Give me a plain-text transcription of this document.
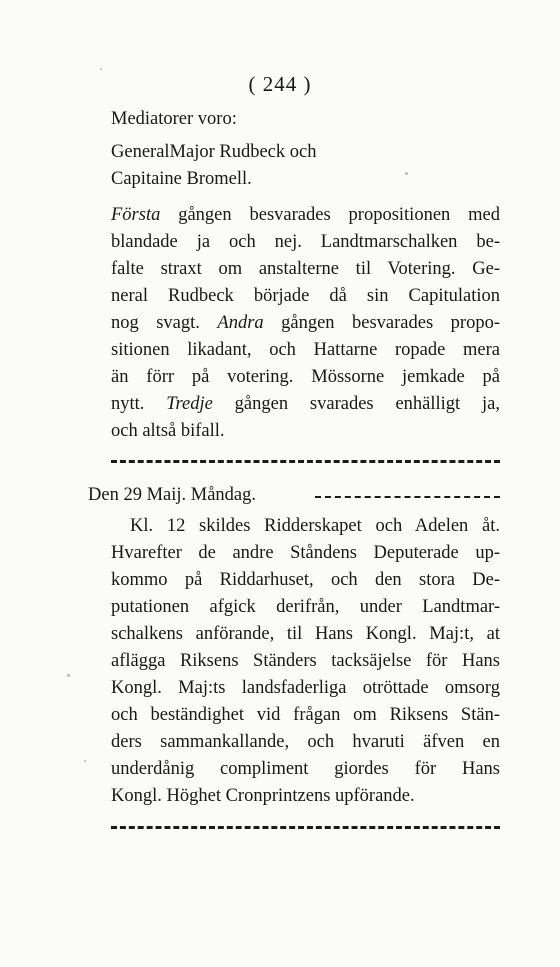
( 244 )
Mediatorer voro:
GeneralMajor Rudbeck och
Capitaine Bromell.
Första gången besvarades propositionen med
blandade ja och nej. Landtmarschalken be-
falte straxt om anstalterne til Votering. Ge-
neral Rudbeck började då sin Capitulation
nog svagt. Andra gången besvarades propo-
sitionen likadant, och Hattarne ropade mera
än förr på votering. Mössorne jemkade på
nytt. Tredje gången svarades enhälligt ja,
och altså bifall.
Den 29 Maij. Måndag.
Kl. 12 skildes Ridderskapet och Adelen åt.
Hvarefter de andre Ståndens Deputerade up-
kommo på Riddarhuset, och den stora De-
putationen afgick derifrån, under Landtmar-
schalkens anförande, til Hans Kongl. Maj:t, at
aflägga Riksens Ständers tacksäjelse för Hans
Kongl. Maj:ts landsfaderliga otröttade omsorg
och beständighet vid frågan om Riksens Stän-
ders sammankallande, och hvaruti äfven en
underdånig compliment giordes för Hans
Kongl. Höghet Cronprintzens upförande.
